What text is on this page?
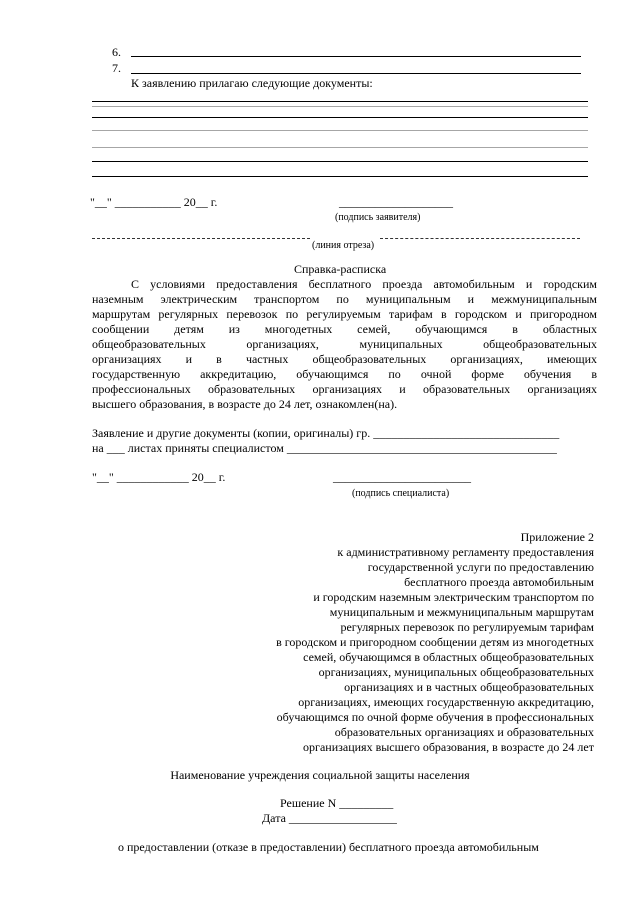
6.
7.
К заявлению прилагаю следующие документы:
"__" ___________ 20__ г.	___________________
(подпись заявителя)
(линия отреза)
Справка-расписка
С условиями предоставления бесплатного проезда автомобильным и городским
наземным электрическим транспортом по муниципальным и межмуниципальным
маршрутам регулярных перевозок по регулируемым тарифам в городском и пригородном
сообщении детям из многодетных семей, обучающимся в областных
общеобразовательных организациях, муниципальных общеобразовательных
организациях и в частных общеобразовательных организациях, имеющих
государственную аккредитацию, обучающимся по очной форме обучения в
профессиональных образовательных организациях и образовательных организациях
высшего образования, в возрасте до 24 лет, ознакомлен(на).
Заявление и другие документы (копии, оригиналы) гр. _______________________________
на ___ листах приняты специалистом _____________________________________________
"__" ____________ 20__ г.	_______________________
(подпись специалиста)
Приложение 2
к административному регламенту предоставления
государственной услуги по предоставлению
бесплатного проезда автомобильным
и городским наземным электрическим транспортом по
муниципальным и межмуниципальным маршрутам
регулярных перевозок по регулируемым тарифам
в городском и пригородном сообщении детям из многодетных
семей, обучающимся в областных общеобразовательных
организациях, муниципальных общеобразовательных
организациях и в частных общеобразовательных
организациях, имеющих государственную аккредитацию,
обучающимся по очной форме обучения в профессиональных
образовательных организациях и образовательных
организациях высшего образования, в возрасте до 24 лет
Наименование учреждения социальной защиты населения
Решение N _________
Дата __________________
о предоставлении (отказе в предоставлении) бесплатного проезда автомобильным
